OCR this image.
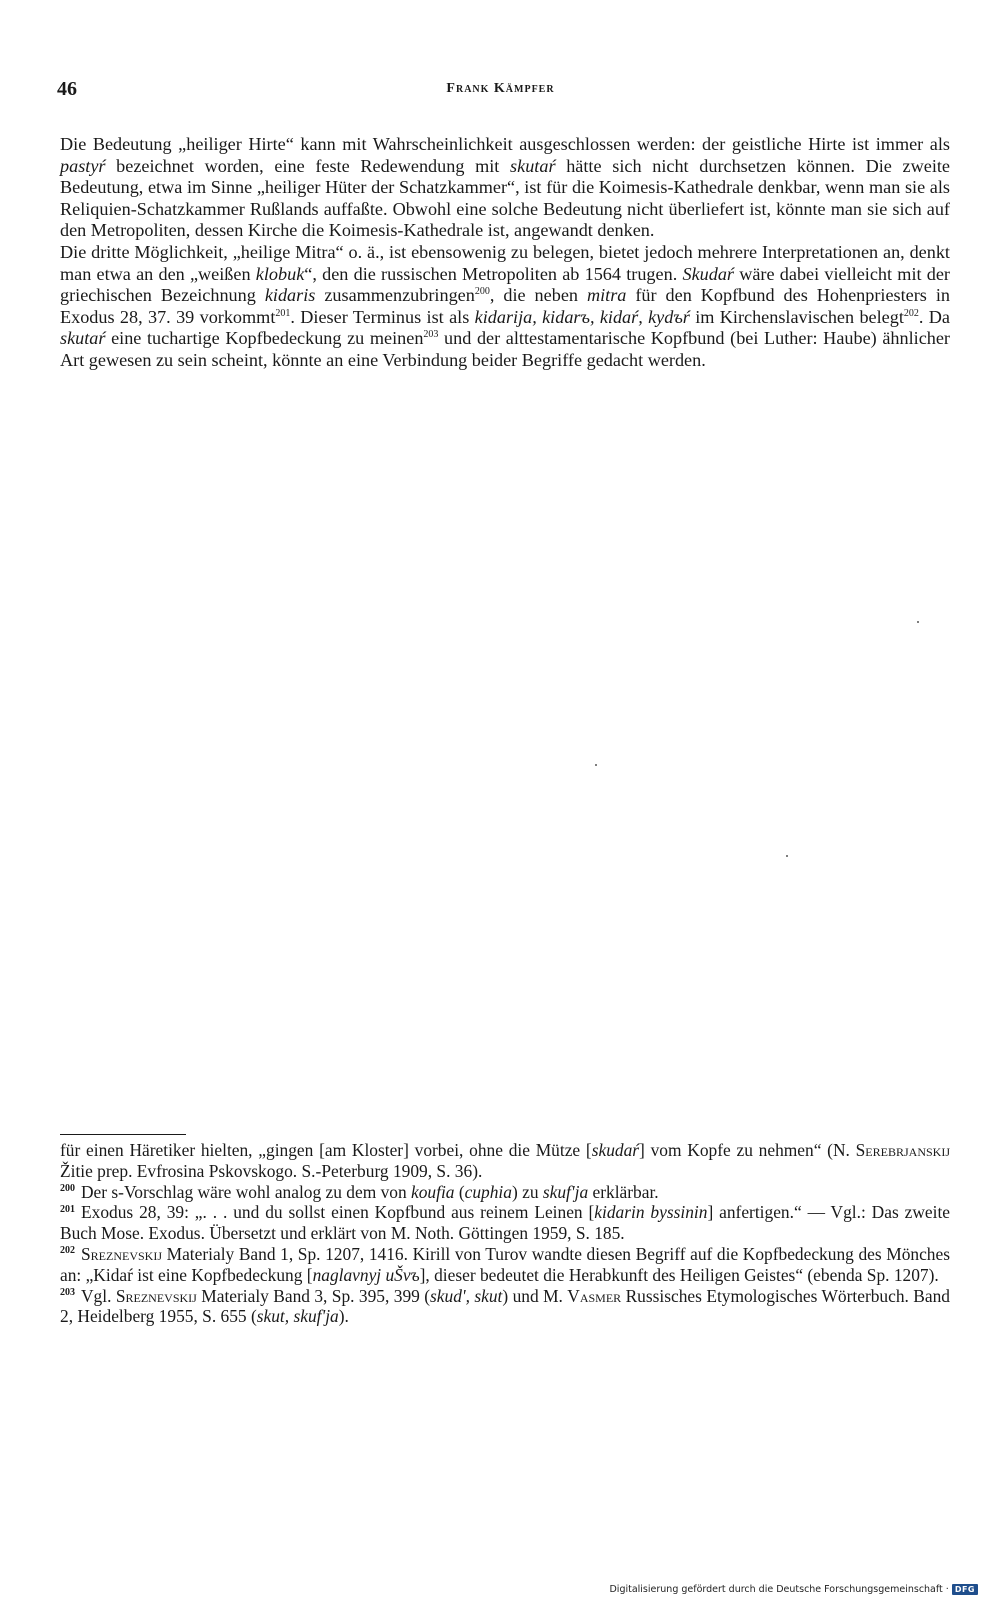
46	Frank Kämpfer

Die Bedeutung „heiliger Hirte“ kann mit Wahrscheinlichkeit ausgeschlossen werden: der geistliche Hirte ist immer als pastyŕ bezeichnet worden, eine feste Redewendung mit skutaŕ hätte sich nicht durchsetzen können. Die zweite Bedeutung, etwa im Sinne „heiliger Hüter der Schatzkammer“, ist für die Koimesis-Kathedrale denkbar, wenn man sie als Reliquien-Schatzkammer Rußlands auffaßte. Obwohl eine solche Bedeutung nicht überliefert ist, könnte man sie sich auf den Metropoliten, dessen Kirche die Koimesis-Kathedrale ist, angewandt denken.

Die dritte Möglichkeit, „heilige Mitra“ o. ä., ist ebensowenig zu belegen, bietet jedoch mehrere Interpretationen an, denkt man etwa an den „weißen klobuk“, den die russischen Metropoliten ab 1564 trugen. Skudaŕ wäre dabei vielleicht mit der griechischen Bezeichnung kidaris zusammenzubringen$^{200}$, die neben mitra für den Kopfbund des Hohenpriesters in Exodus 28, 37. 39 vorkommt$^{201}$. Dieser Terminus ist als kidarija, kidarъ, kidaŕ, kydъŕ im Kirchenslavischen belegt$^{202}$. Da skutaŕ eine tuchartige Kopfbedeckung zu meinen$^{203}$ und der alttestamentarische Kopfbund (bei Luther: Haube) ähnlicher Art gewesen zu sein scheint, könnte an eine Verbindung beider Begriffe gedacht werden.

für einen Häretiker hielten, „gingen [am Kloster] vorbei, ohne die Mütze [skudaŕ] vom Kopfe zu nehmen“ (N. Serebrjanskij Žitie prep. Evfrosina Pskovskogo. S.-Peterburg 1909, S. 36).

$^{200}$ Der s-Vorschlag wäre wohl analog zu dem von koufia (cuphia) zu skuf'ja erklärbar.

$^{201}$ Exodus 28, 39: „. . . und du sollst einen Kopfbund aus reinem Leinen [kidarin byssinin] anfertigen.“ — Vgl.: Das zweite Buch Mose. Exodus. Übersetzt und erklärt von M. Noth. Göttingen 1959, S. 185.

$^{202}$ Sreznevskij Materialy Band 1, Sp. 1207, 1416. Kirill von Turov wandte diesen Begriff auf die Kopfbedeckung des Mönches an: „Kidaŕ ist eine Kopfbedeckung [naglavnyj uŠvъ], dieser bedeutet die Herabkunft des Heiligen Geistes“ (ebenda Sp. 1207).

$^{203}$ Vgl. Sreznevskij Materialy Band 3, Sp. 395, 399 (skud', skut) und M. Vasmer Russisches Etymologisches Wörterbuch. Band 2, Heidelberg 1955, S. 655 (skut, skuf'ja).

Digitalisierung gefördert durch die Deutsche Forschungsgemeinschaft · DFG
